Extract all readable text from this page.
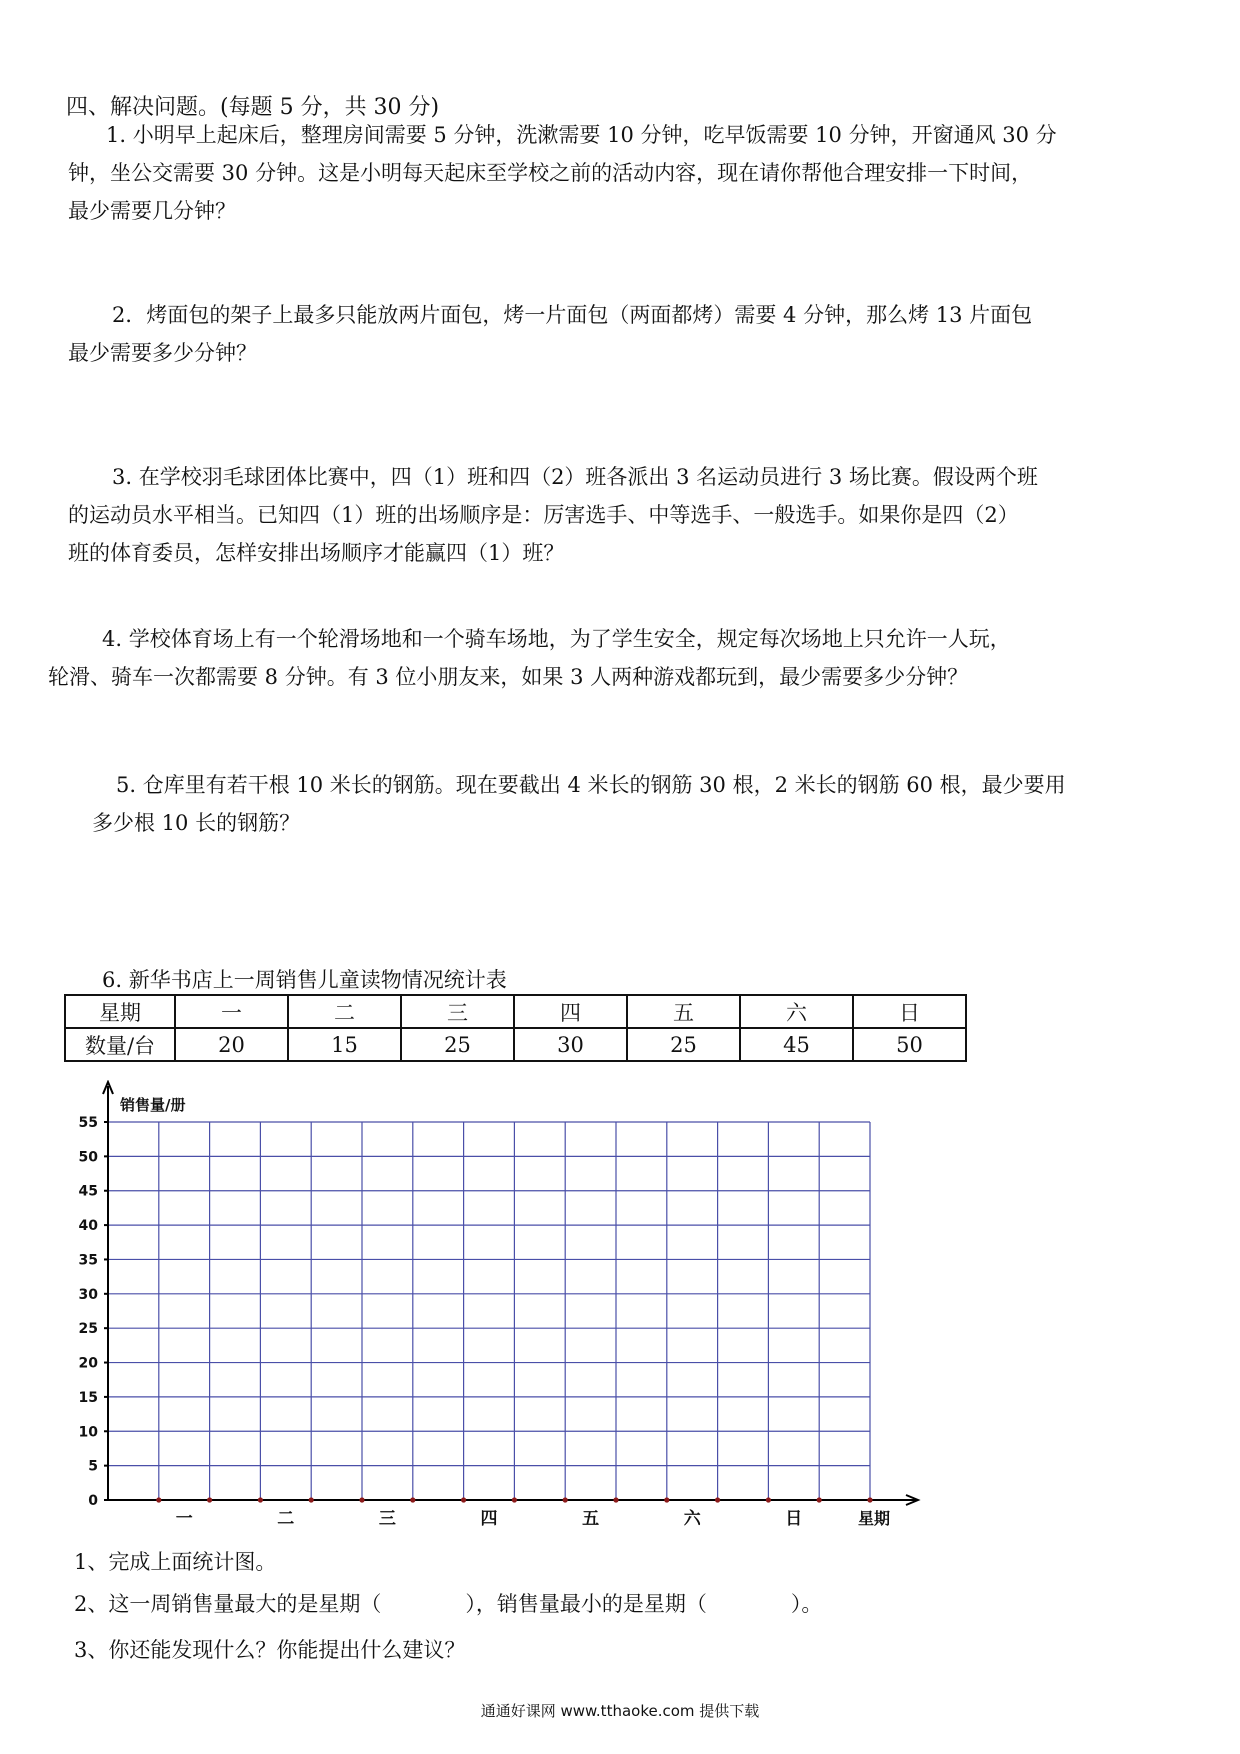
四、解决问题。(每题 5 分，共 30 分)

1. 小明早上起床后，整理房间需要 5 分钟，洗漱需要 10 分钟，吃早饭需要 10 分钟，开窗通风 30 分

钟，坐公交需要 30 分钟。这是小明每天起床至学校之前的活动内容，现在请你帮他合理安排一下时间，

最少需要几分钟？

2．烤面包的架子上最多只能放两片面包，烤一片面包（两面都烤）需要 4 分钟，那么烤 13 片面包

最少需要多少分钟？

3. 在学校羽毛球团体比赛中，四（1）班和四（2）班各派出 3 名运动员进行 3 场比赛。假设两个班

的运动员水平相当。已知四（1）班的出场顺序是：厉害选手、中等选手、一般选手。如果你是四（2）

班的体育委员，怎样安排出场顺序才能赢四（1）班？

4. 学校体育场上有一个轮滑场地和一个骑车场地，为了学生安全，规定每次场地上只允许一人玩，

轮滑、骑车一次都需要 8 分钟。有 3 位小朋友来，如果 3 人两种游戏都玩到，最少需要多少分钟？

5. 仓库里有若干根 10 米长的钢筋。现在要截出 4 米长的钢筋 30 根，2 米长的钢筋 60 根，最少要用

多少根 10 长的钢筋？

6. 新华书店上一周销售儿童读物情况统计表
星期	一	二	三	四	五	六	日
数量/台	20	15	25	30	25	45	50
0
5
10
15
20
25
30
35
40
45
50
55
销售量/册
一	二	三	四	五	六	日	星期
1、完成上面统计图。
2、这一周销售量最大的是星期（　　　　），销售量最小的是星期（　　　　）。
3、你还能发现什么？你能提出什么建议？
通通好课网 www.tthaoke.com 提供下载
